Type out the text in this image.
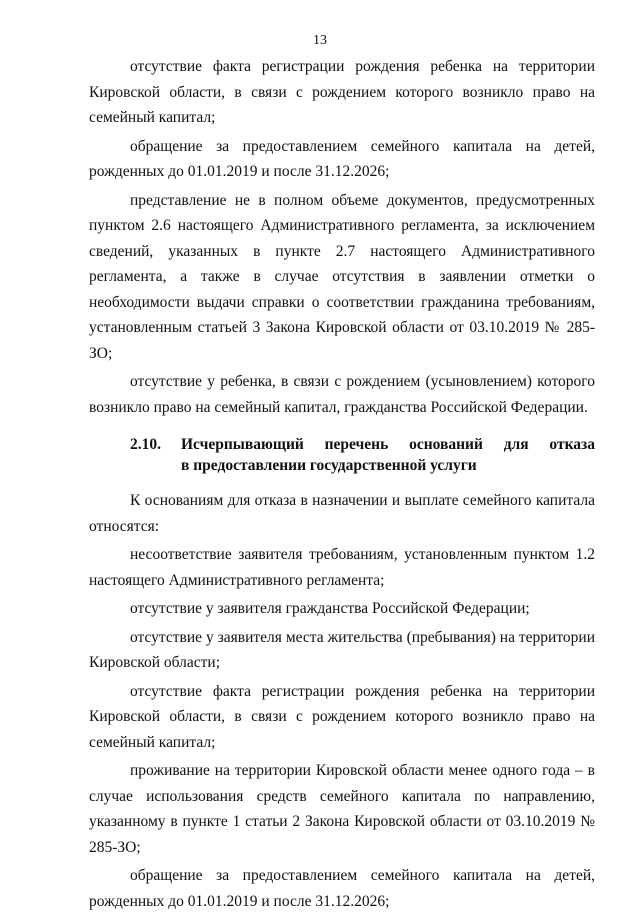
13

отсутствие факта регистрации рождения ребенка на территории Кировской области, в связи с рождением которого возникло право на семейный капитал;

обращение за предоставлением семейного капитала на детей, рожденных до 01.01.2019 и после 31.12.2026;

представление не в полном объеме документов, предусмотренных пунктом 2.6 настоящего Административного регламента, за исключением сведений, указанных в пункте 2.7 настоящего Административного регламента, а также в случае отсутствия в заявлении отметки о необходимости выдачи справки о соответствии гражданина требованиям, установленным статьей 3 Закона Кировской области от 03.10.2019 № 285-ЗО;

отсутствие у ребенка, в связи с рождением (усыновлением) которого возникло право на семейный капитал, гражданства Российской Федерации.

2.10.	Исчерпывающий перечень оснований для отказа
в предоставлении государственной услуги

К основаниям для отказа в назначении и выплате семейного капитала относятся:

несоответствие заявителя требованиям, установленным пунктом 1.2 настоящего Административного регламента;

отсутствие у заявителя гражданства Российской Федерации;

отсутствие у заявителя места жительства (пребывания) на территории Кировской области;

отсутствие факта регистрации рождения ребенка на территории Кировской области, в связи с рождением которого возникло право на семейный капитал;

проживание на территории Кировской области менее одного года – в случае использования средств семейного капитала по направлению, указанному в пункте 1 статьи 2 Закона Кировской области от 03.10.2019 № 285-ЗО;

обращение за предоставлением семейного капитала на детей, рожденных до 01.01.2019 и после 31.12.2026;
